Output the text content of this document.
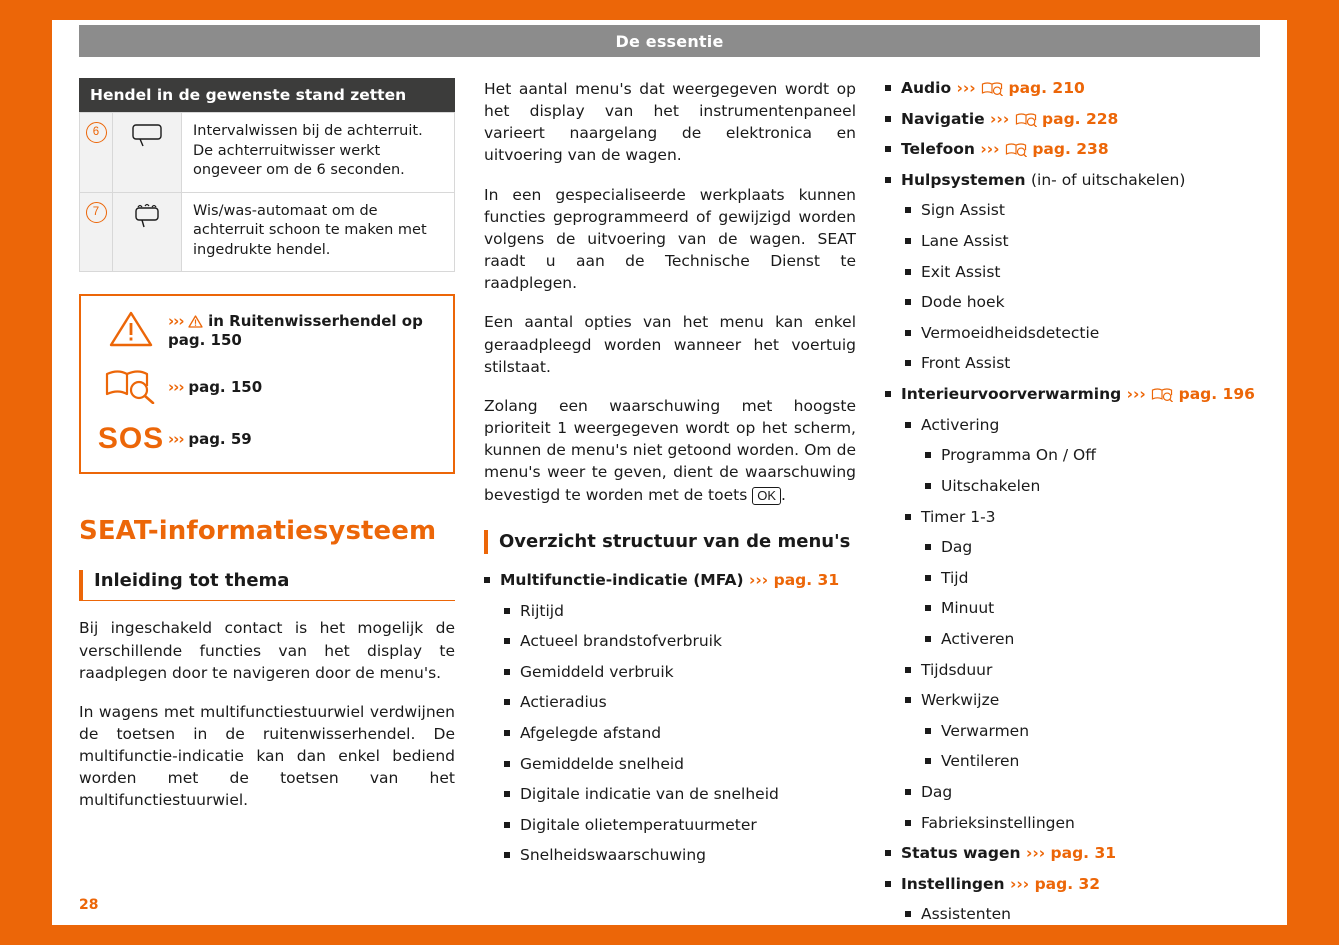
De essentie
28
Hendel in de gewenste stand zetten
6		Intervalwissen bij de achterruit. De achterruitwisser werkt ongeveer om de 6 seconden.
7		Wis/was-automaat om de achterruit schoon te maken met ingedrukte hendel.
››› in Ruitenwisserhendel op pag. 150
››› pag. 150
SOS ››› pag. 59
SEAT-informatiesysteem
Inleiding tot thema

Bij ingeschakeld contact is het mogelijk de verschillende functies van het display te raadplegen door te navigeren door de menu's.

In wagens met multifunctiestuurwiel verdwijnen de toetsen in de ruitenwisserhendel. De multifunctie-indicatie kan dan enkel bediend worden met de toetsen van het multifunctiestuurwiel.

Het aantal menu's dat weergegeven wordt op het display van het instrumentenpaneel varieert naargelang de elektronica en uitvoering van de wagen.

In een gespecialiseerde werkplaats kunnen functies geprogrammeerd of gewijzigd worden volgens de uitvoering van de wagen. SEAT raadt u aan de Technische Dienst te raadplegen.

Een aantal opties van het menu kan enkel geraadpleegd worden wanneer het voertuig stilstaat.

Zolang een waarschuwing met hoogste prioriteit 1 weergegeven wordt op het scherm, kunnen de menu's niet getoond worden. Om de menu's weer te geven, dient de waarschuwing bevestigd te worden met de toets OK .

Overzicht structuur van de menu's
Multifunctie-indicatie (MFA) ››› pag. 31
Rijtijd
Actueel brandstofverbruik
Gemiddeld verbruik
Actieradius
Afgelegde afstand
Gemiddelde snelheid
Digitale indicatie van de snelheid
Digitale olietemperatuurmeter
Snelheidswaarschuwing
Audio ››› pag. 210
Navigatie ››› pag. 228
Telefoon ››› pag. 238
Hulpsystemen (in- of uitschakelen)
Sign Assist
Lane Assist
Exit Assist
Dode hoek
Vermoeidheidsdetectie
Front Assist
Interieurvoorverwarming ››› pag. 196
Activering
Programma On / Off
Uitschakelen
Timer 1-3
Dag
Tijd
Minuut
Activeren
Tijdsduur
Werkwijze
Verwarmen
Ventileren
Dag
Fabrieksinstellingen
Status wagen ››› pag. 31
Instellingen ››› pag. 32
Assistenten
